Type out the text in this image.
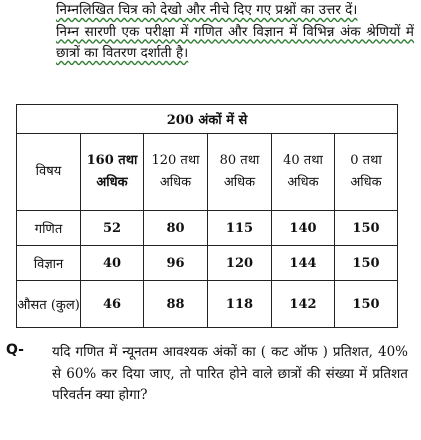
निम्नलिखित चित्र को देखो और नीचे दिए गए प्रश्नों का उत्तर दें।

निम्न सारणी एक परीक्षा में गणित और विज्ञान में विभिन्न अंक श्रेणियों में छात्रों का वितरण दर्शाती है।

200 अंकों में से					
विषय	160 तथा अधिक	120 तथा अधिक	80 तथा अधिक	40 तथा अधिक	0 तथा अधिक
गणित	52	80	115	140	150
विज्ञान	40	96	120	144	150
औसत (कुल)	46	88	118	142	150
Q- यदि गणित में न्यूनतम आवश्यक अंकों का ( कट ऑफ ) प्रतिशत, 40% से 60% कर दिया जाए, तो पारित होने वाले छात्रों की संख्या में प्रतिशत परिवर्तन क्या होगा?
